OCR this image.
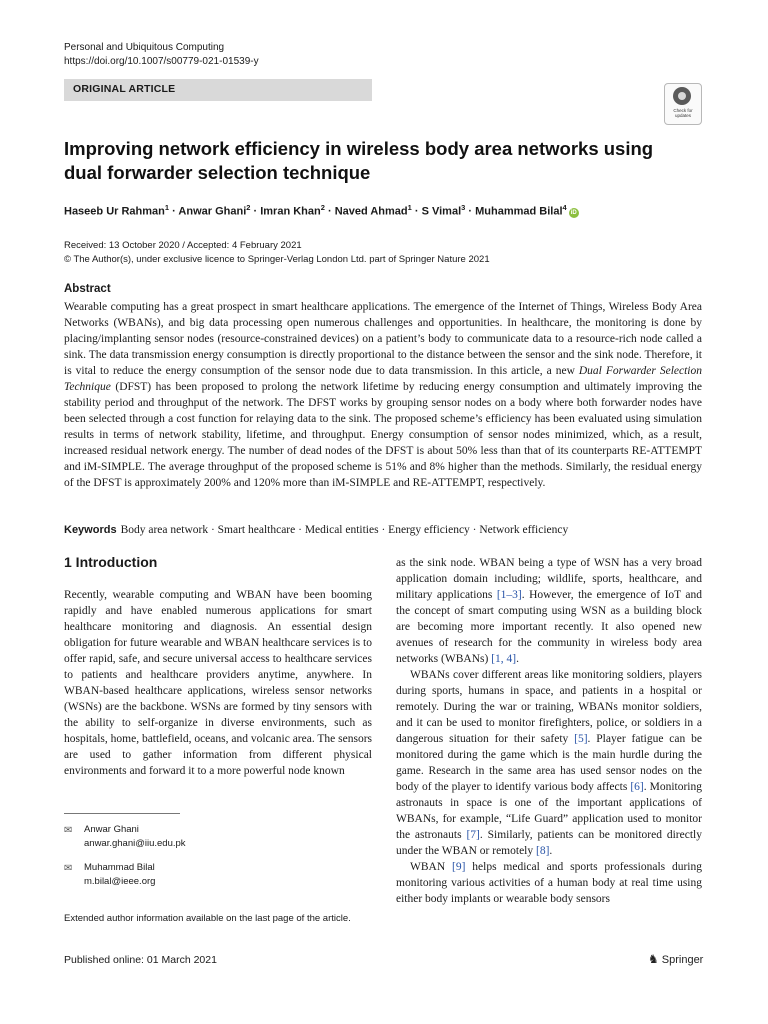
Personal and Ubiquitous Computing
https://doi.org/10.1007/s00779-021-01539-y
ORIGINAL ARTICLE
Check for
updates
Improving network efficiency in wireless body area networks using
dual forwarder selection technique
Haseeb Ur Rahman$^1$ · Anwar Ghani$^2$ · Imran Khan$^2$ · Naved Ahmad$^1$ · S Vimal$^3$ · Muhammad Bilal$^4$iD
Received: 13 October 2020 / Accepted: 4 February 2021
© The Author(s), under exclusive licence to Springer-Verlag London Ltd. part of Springer Nature 2021
Abstract
Wearable computing has a great prospect in smart healthcare applications. The emergence of the Internet of Things, Wireless Body Area Networks (WBANs), and big data processing open numerous challenges and opportunities. In healthcare, the monitoring is done by placing/implanting sensor nodes (resource-constrained devices) on a patient’s body to communicate data to a resource-rich node called a sink. The data transmission energy consumption is directly proportional to the distance between the sensor and the sink node. Therefore, it is vital to reduce the energy consumption of the sensor node due to data transmission. In this article, a new Dual Forwarder Selection Technique (DFST) has been proposed to prolong the network lifetime by reducing energy consumption and ultimately improving the stability period and throughput of the network. The DFST works by grouping sensor nodes on a body where both forwarder nodes have been selected through a cost function for relaying data to the sink. The proposed scheme’s efficiency has been evaluated using simulation results in terms of network stability, lifetime, and throughput. Energy consumption of sensor nodes minimized, which, as a result, increased residual network energy. The number of dead nodes of the DFST is about 50% less than that of its counterparts RE-ATTEMPT and iM-SIMPLE. The average throughput of the proposed scheme is 51% and 8% higher than the methods. Similarly, the residual energy of the DFST is approximately 200% and 120% more than iM-SIMPLE and RE-ATTEMPT, respectively.
Keywords Body area network · Smart healthcare · Medical entities · Energy efficiency · Network efficiency
1 Introduction

Recently, wearable computing and WBAN have been booming rapidly and have enabled numerous applications for smart healthcare monitoring and diagnosis. An essential design obligation for future wearable and WBAN healthcare services is to offer rapid, safe, and secure universal access to healthcare services to patients and healthcare providers anytime, anywhere. In WBAN-based healthcare applications, wireless sensor networks (WSNs) are the backbone. WSNs are formed by tiny sensors with the ability to self-organize in diverse environments, such as hospitals, home, battlefield, oceans, and volcanic area. The sensors are used to gather information from different physical environments and forward it to a more powerful node known

✉ Anwar Ghani
anwar.ghani@iiu.edu.pk
✉ Muhammad Bilal
m.bilal@ieee.org
Extended author information available on the last page of the article.

as the sink node. WBAN being a type of WSN has a very broad application domain including; wildlife, sports, healthcare, and military applications [1–3]. However, the emergence of IoT and the concept of smart computing using WSN as a building block are becoming more important recently. It also opened new avenues of research for the community in wireless body area networks (WBANs) [1, 4].

WBANs cover different areas like monitoring soldiers, players during sports, humans in space, and patients in a hospital or remotely. During the war or training, WBANs monitor soldiers, and it can be used to monitor firefighters, police, or soldiers in a dangerous situation for their safety [5]. Player fatigue can be monitored during the game which is the main hurdle during the game. Research in the same area has used sensor nodes on the body of the player to identify various body affects [6]. Monitoring astronauts in space is one of the important applications of WBANs, for example, “Life Guard” application used to monitor the astronauts [7]. Similarly, patients can be monitored directly under the WBAN or remotely [8].

WBAN [9] helps medical and sports professionals during monitoring various activities of a human body at real time using either body implants or wearable body sensors

Published online: 01 March 2021	♞ Springer
